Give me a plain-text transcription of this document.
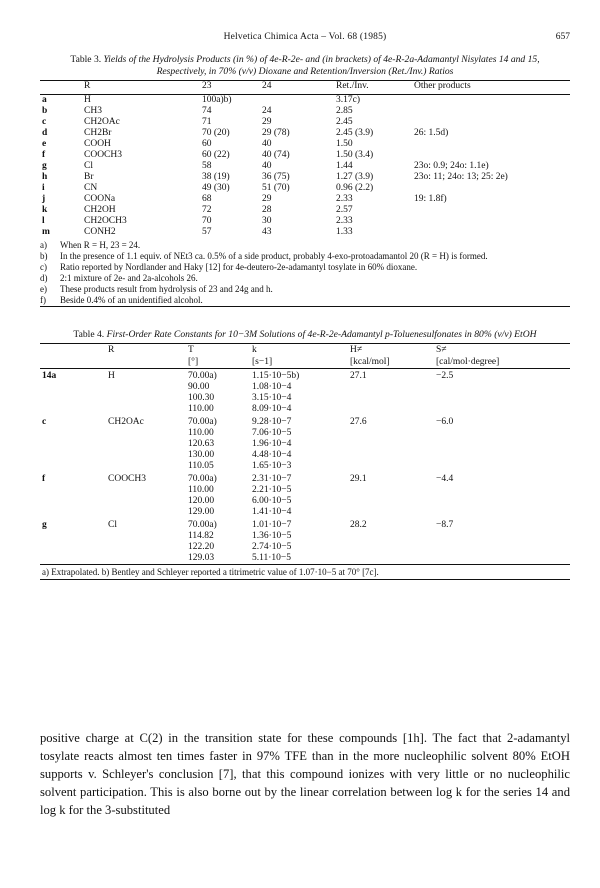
Helvetica Chimica Acta – Vol. 68 (1985)	657
Table 3. Yields of the Hydrolysis Products (in %) of 4e-R-2e- and (in brackets) of 4e-R-2a-Adamantyl Nisylates 14 and 15, Respectively, in 70% (v/v) Dioxane and Retention/Inversion (Ret./Inv.) Ratios
	R	23	24	Ret./Inv.	Other products
a	H	100a)b)		3.17c)	
b	CH3	74	24	2.85	
c	CH2OAc	71	29	2.45	
d	CH2Br	70 (20)	29 (78)	2.45 (3.9)	26: 1.5d)
e	COOH	60	40	1.50	
f	COOCH3	60 (22)	40 (74)	1.50 (3.4)	
g	Cl	58	40	1.44	23o: 0.9; 24o: 1.1e)
h	Br	38 (19)	36 (75)	1.27 (3.9)	23o: 11; 24o: 13; 25: 2e)
i	CN	49 (30)	51 (70)	0.96 (2.2)	
j	COONa	68	29	2.33	19: 1.8f)
k	CH2OH	72	28	2.57	
l	CH2OCH3	70	30	2.33	
m	CONH2	57	43	1.33	
a)	When R = H, 23 = 24.
b)	In the presence of 1.1 equiv. of NEt3 ca. 0.5% of a side product, probably 4-exo-protoadamantol 20 (R = H) is formed.
c)	Ratio reported by Nordlander and Haky [12] for 4e-deutero-2e-adamantyl tosylate in 60% dioxane.
d)	2:1 mixture of 2e- and 2a-alcohols 26.
e)	These products result from hydrolysis of 23 and 24g and h.
f)	Beside 0.4% of an unidentified alcohol.
Table 4. First-Order Rate Constants for 10−3M Solutions of 4e-R-2e-Adamantyl p-Toluenesulfonates in 80% (v/v) EtOH
	R	T	k	H≠	S≠
		[°]	[s−1]	[kcal/mol]	[cal/mol·degree]
14a	H	70.00a)	1.15·10−5b)	27.1	−2.5
		90.00	1.08·10−4		
		100.30	3.15·10−4		
		110.00	8.09·10−4		
c	CH2OAc	70.00a)	9.28·10−7	27.6	−6.0
		110.00	7.06·10−5		
		120.63	1.96·10−4		
		130.00	4.48·10−4		
		110.05	1.65·10−3		
f	COOCH3	70.00a)	2.31·10−7	29.1	−4.4
		110.00	2.21·10−5		
		120.00	6.00·10−5		
		129.00	1.41·10−4		
g	Cl	70.00a)	1.01·10−7	28.2	−8.7
		114.82	1.36·10−5		
		122.20	2.74·10−5		
		129.03	5.11·10−5		
a) Extrapolated. b) Bentley and Schleyer reported a titrimetric value of 1.07·10−5 at 70° [7c].

positive charge at C(2) in the transition state for these compounds [1h]. The fact that 2-adamantyl tosylate reacts almost ten times faster in 97% TFE than in the more nucleophilic solvent 80% EtOH supports v. Schleyer's conclusion [7], that this compound ionizes with very little or no nucleophilic solvent participation. This is also borne out by the linear correlation between log k for the series 14 and log k for the 3-substituted
